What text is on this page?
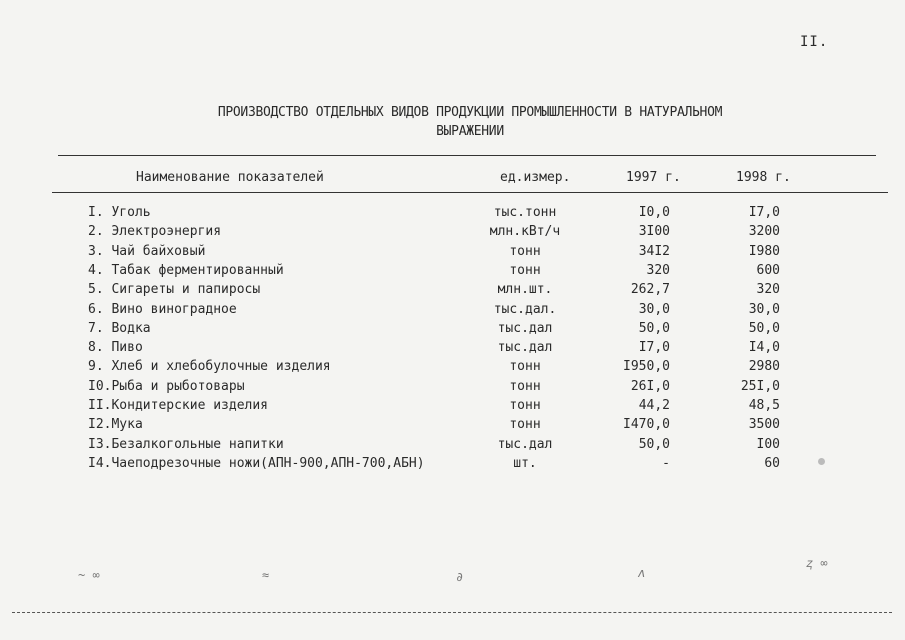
II.
ПРОИЗВОДСТВО ОТДЕЛЬНЫХ ВИДОВ ПРОДУКЦИИ ПРОМЫШЛЕННОСТИ В НАТУРАЛЬНОМ
ВЫРАЖЕНИИ
Наименование показателей	ед.измер.	1997 г.	1998 г.
I. Уголь	тыс.тонн	I0,0	I7,0
2. Электроэнергия	млн.кВт/ч	3I00	3200
3. Чай байховый	тонн	34I2	I980
4. Табак ферментированный	тонн	320	600
5. Сигареты и папиросы	млн.шт.	262,7	320
6. Вино виноградное	тыс.дал.	30,0	30,0
7. Водка	тыс.дал	50,0	50,0
8. Пиво	тыс.дал	I7,0	I4,0
9. Хлеб и хлебобулочные изделия	тонн	I950,0	2980
I0.Рыба и рыботовары	тонн	26I,0	25I,0
II.Кондитерские изделия	тонн	44,2	48,5
I2.Мука	тонн	I470,0	3500
I3.Безалкогольные напитки	тыс.дал	50,0	I00
I4.Чаеподрезочные ножи(АПН-900,АПН-700,АБН)	шт.	-	60
~ ∞	≈	∂	ʌ
ⱬ ∞
